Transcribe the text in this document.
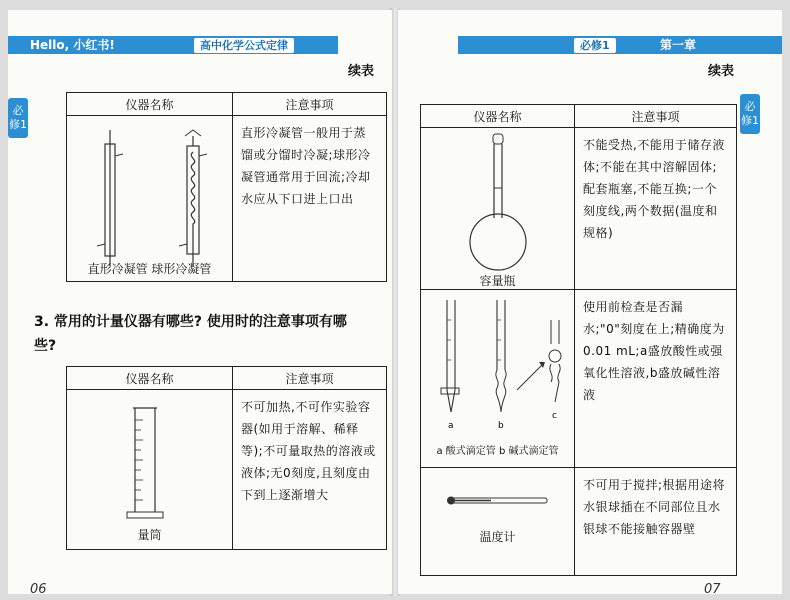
Hello, 小红书!	高中化学公式定律
必修1
续表
仪器名称	注意事项

直形冷凝管 球形冷凝管	直形冷凝管一般用于蒸馏或分馏时冷凝;球形冷凝管通常用于回流;冷却水应从下口进上口出
3. 常用的计量仪器有哪些? 使用时的注意事项有哪些?
仪器名称	注意事项

量筒	不可加热,不可作实验容器(如用于溶解、稀释等);不可量取热的溶液或液体;无0刻度,且刻度由下到上逐渐增大
06
必修1	第一章
必修1
续表
仪器名称	注意事项

容量瓶	不能受热,不能用于储存液体;不能在其中溶解固体;配套瓶塞,不能互换;一个刻度线,两个数据(温度和规格)

a b
c
a 酸式滴定管 b 碱式滴定管	使用前检查是否漏水;"0"刻度在上;精确度为0.01 mL;a盛放酸性或强氧化性溶液,b盛放碱性溶液

温度计	不可用于搅拌;根据用途将水银球插在不同部位且水银球不能接触容器壁
07
